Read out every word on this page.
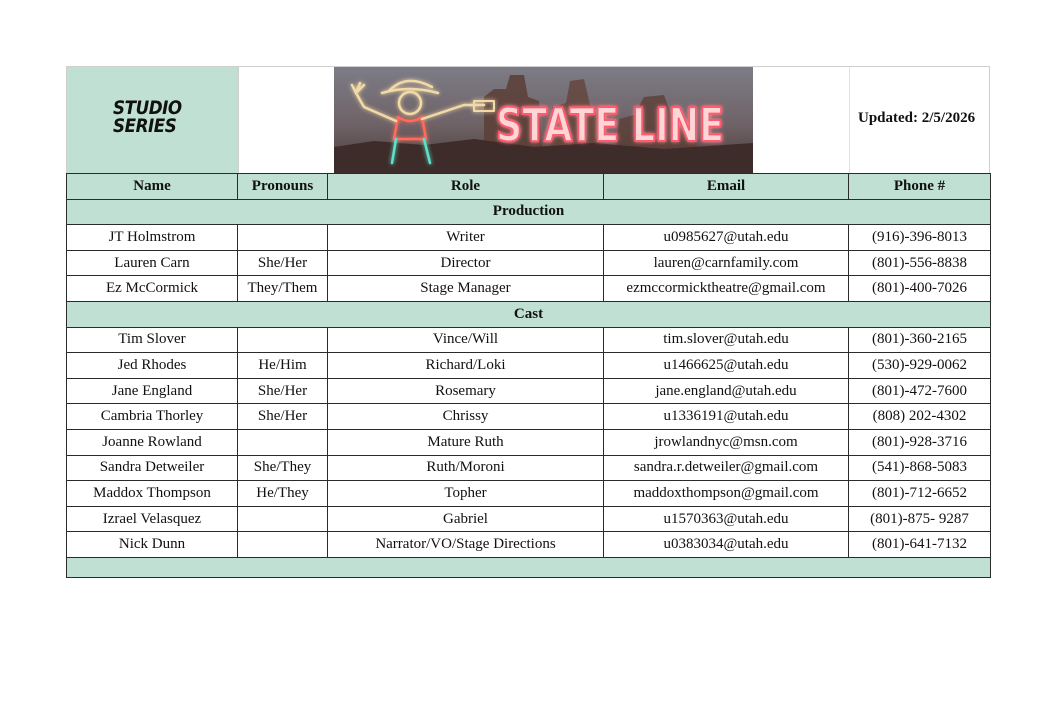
STUDIO
SERIES	STATE LINE	Updated: 2/5/2026
Name	Pronouns	Role	Email	Phone #
Production				
JT Holmstrom		Writer	u0985627@utah.edu	(916)-396-8013
Lauren Carn	She/Her	Director	lauren@carnfamily.com	(801)-556-8838
Ez McCormick	They/Them	Stage Manager	ezmccormicktheatre@gmail.com	(801)-400-7026
Cast				
Tim Slover		Vince/Will	tim.slover@utah.edu	(801)-360-2165
Jed Rhodes	He/Him	Richard/Loki	u1466625@utah.edu	(530)-929-0062
Jane England	She/Her	Rosemary	jane.england@utah.edu	(801)-472-7600
Cambria Thorley	She/Her	Chrissy	u1336191@utah.edu	(808) 202-4302
Joanne Rowland		Mature Ruth	jrowlandnyc@msn.com	(801)-928-3716
Sandra Detweiler	She/They	Ruth/Moroni	sandra.r.detweiler@gmail.com	(541)-868-5083
Maddox Thompson	He/They	Topher	maddoxthompson@gmail.com	(801)-712-6652
Izrael Velasquez		Gabriel	u1570363@utah.edu	(801)-875- 9287
Nick Dunn		Narrator/VO/Stage Directions	u0383034@utah.edu	(801)-641-7132
